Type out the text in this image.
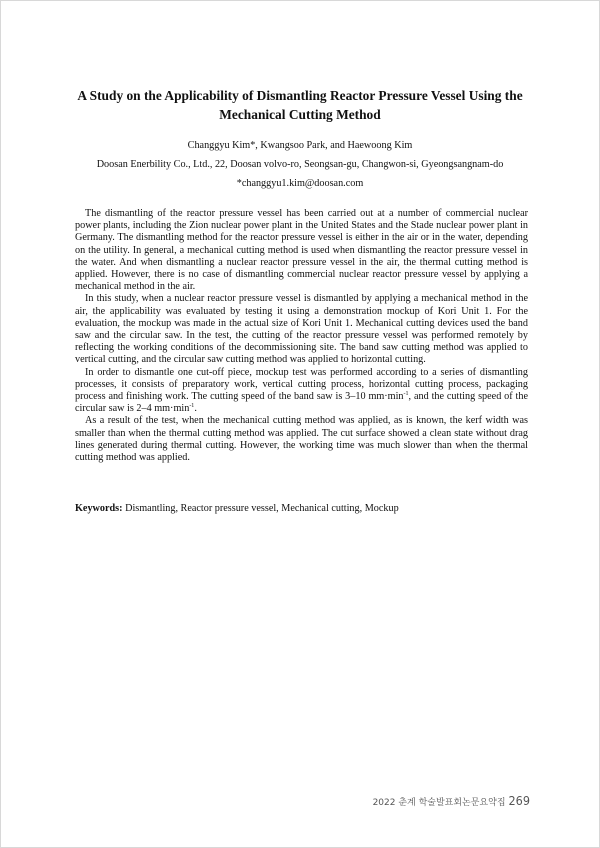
A Study on the Applicability of Dismantling Reactor Pressure Vessel Using the Mechanical Cutting Method

Changgyu Kim*, Kwangsoo Park, and Haewoong Kim

Doosan Enerbility Co., Ltd., 22, Doosan volvo-ro, Seongsan-gu, Changwon-si, Gyeongsangnam-do

*changgyu1.kim@doosan.com

The dismantling of the reactor pressure vessel has been carried out at a number of commercial nuclear power plants, including the Zion nuclear power plant in the United States and the Stade nuclear power plant in Germany. The dismantling method for the reactor pressure vessel is either in the air or in the water, depending on the utility. In general, a mechanical cutting method is used when dismantling the reactor pressure vessel in the water. And when dismantling a nuclear reactor pressure vessel in the air, the thermal cutting method is applied. However, there is no case of dismantling commercial nuclear reactor pressure vessel by applying a mechanical method in the air.

In this study, when a nuclear reactor pressure vessel is dismantled by applying a mechanical method in the air, the applicability was evaluated by testing it using a demonstration mockup of Kori Unit 1. For the evaluation, the mockup was made in the actual size of Kori Unit 1. Mechanical cutting devices used the band saw and the circular saw. In the test, the cutting of the reactor pressure vessel was performed remotely by reflecting the working conditions of the decommissioning site. The band saw cutting method was applied to vertical cutting, and the circular saw cutting method was applied to horizontal cutting.

In order to dismantle one cut-off piece, mockup test was performed according to a series of dismantling processes, it consists of preparatory work, vertical cutting process, horizontal cutting process, packaging process and finishing work. The cutting speed of the band saw is 3–10 $mm\cdot\min^{-1}$, and the cutting speed of the circular saw is 2–4 $mm\cdot\min^{-1}$.

As a result of the test, when the mechanical cutting method was applied, as is known, the kerf width was smaller than when the thermal cutting method was applied. The cut surface showed a clean state without drag lines generated during thermal cutting. However, the working time was much slower than when the thermal cutting method was applied.

Keywords: Dismantling, Reactor pressure vessel, Mechanical cutting, Mockup

2022 춘계 학술발표회논문요약집 269
